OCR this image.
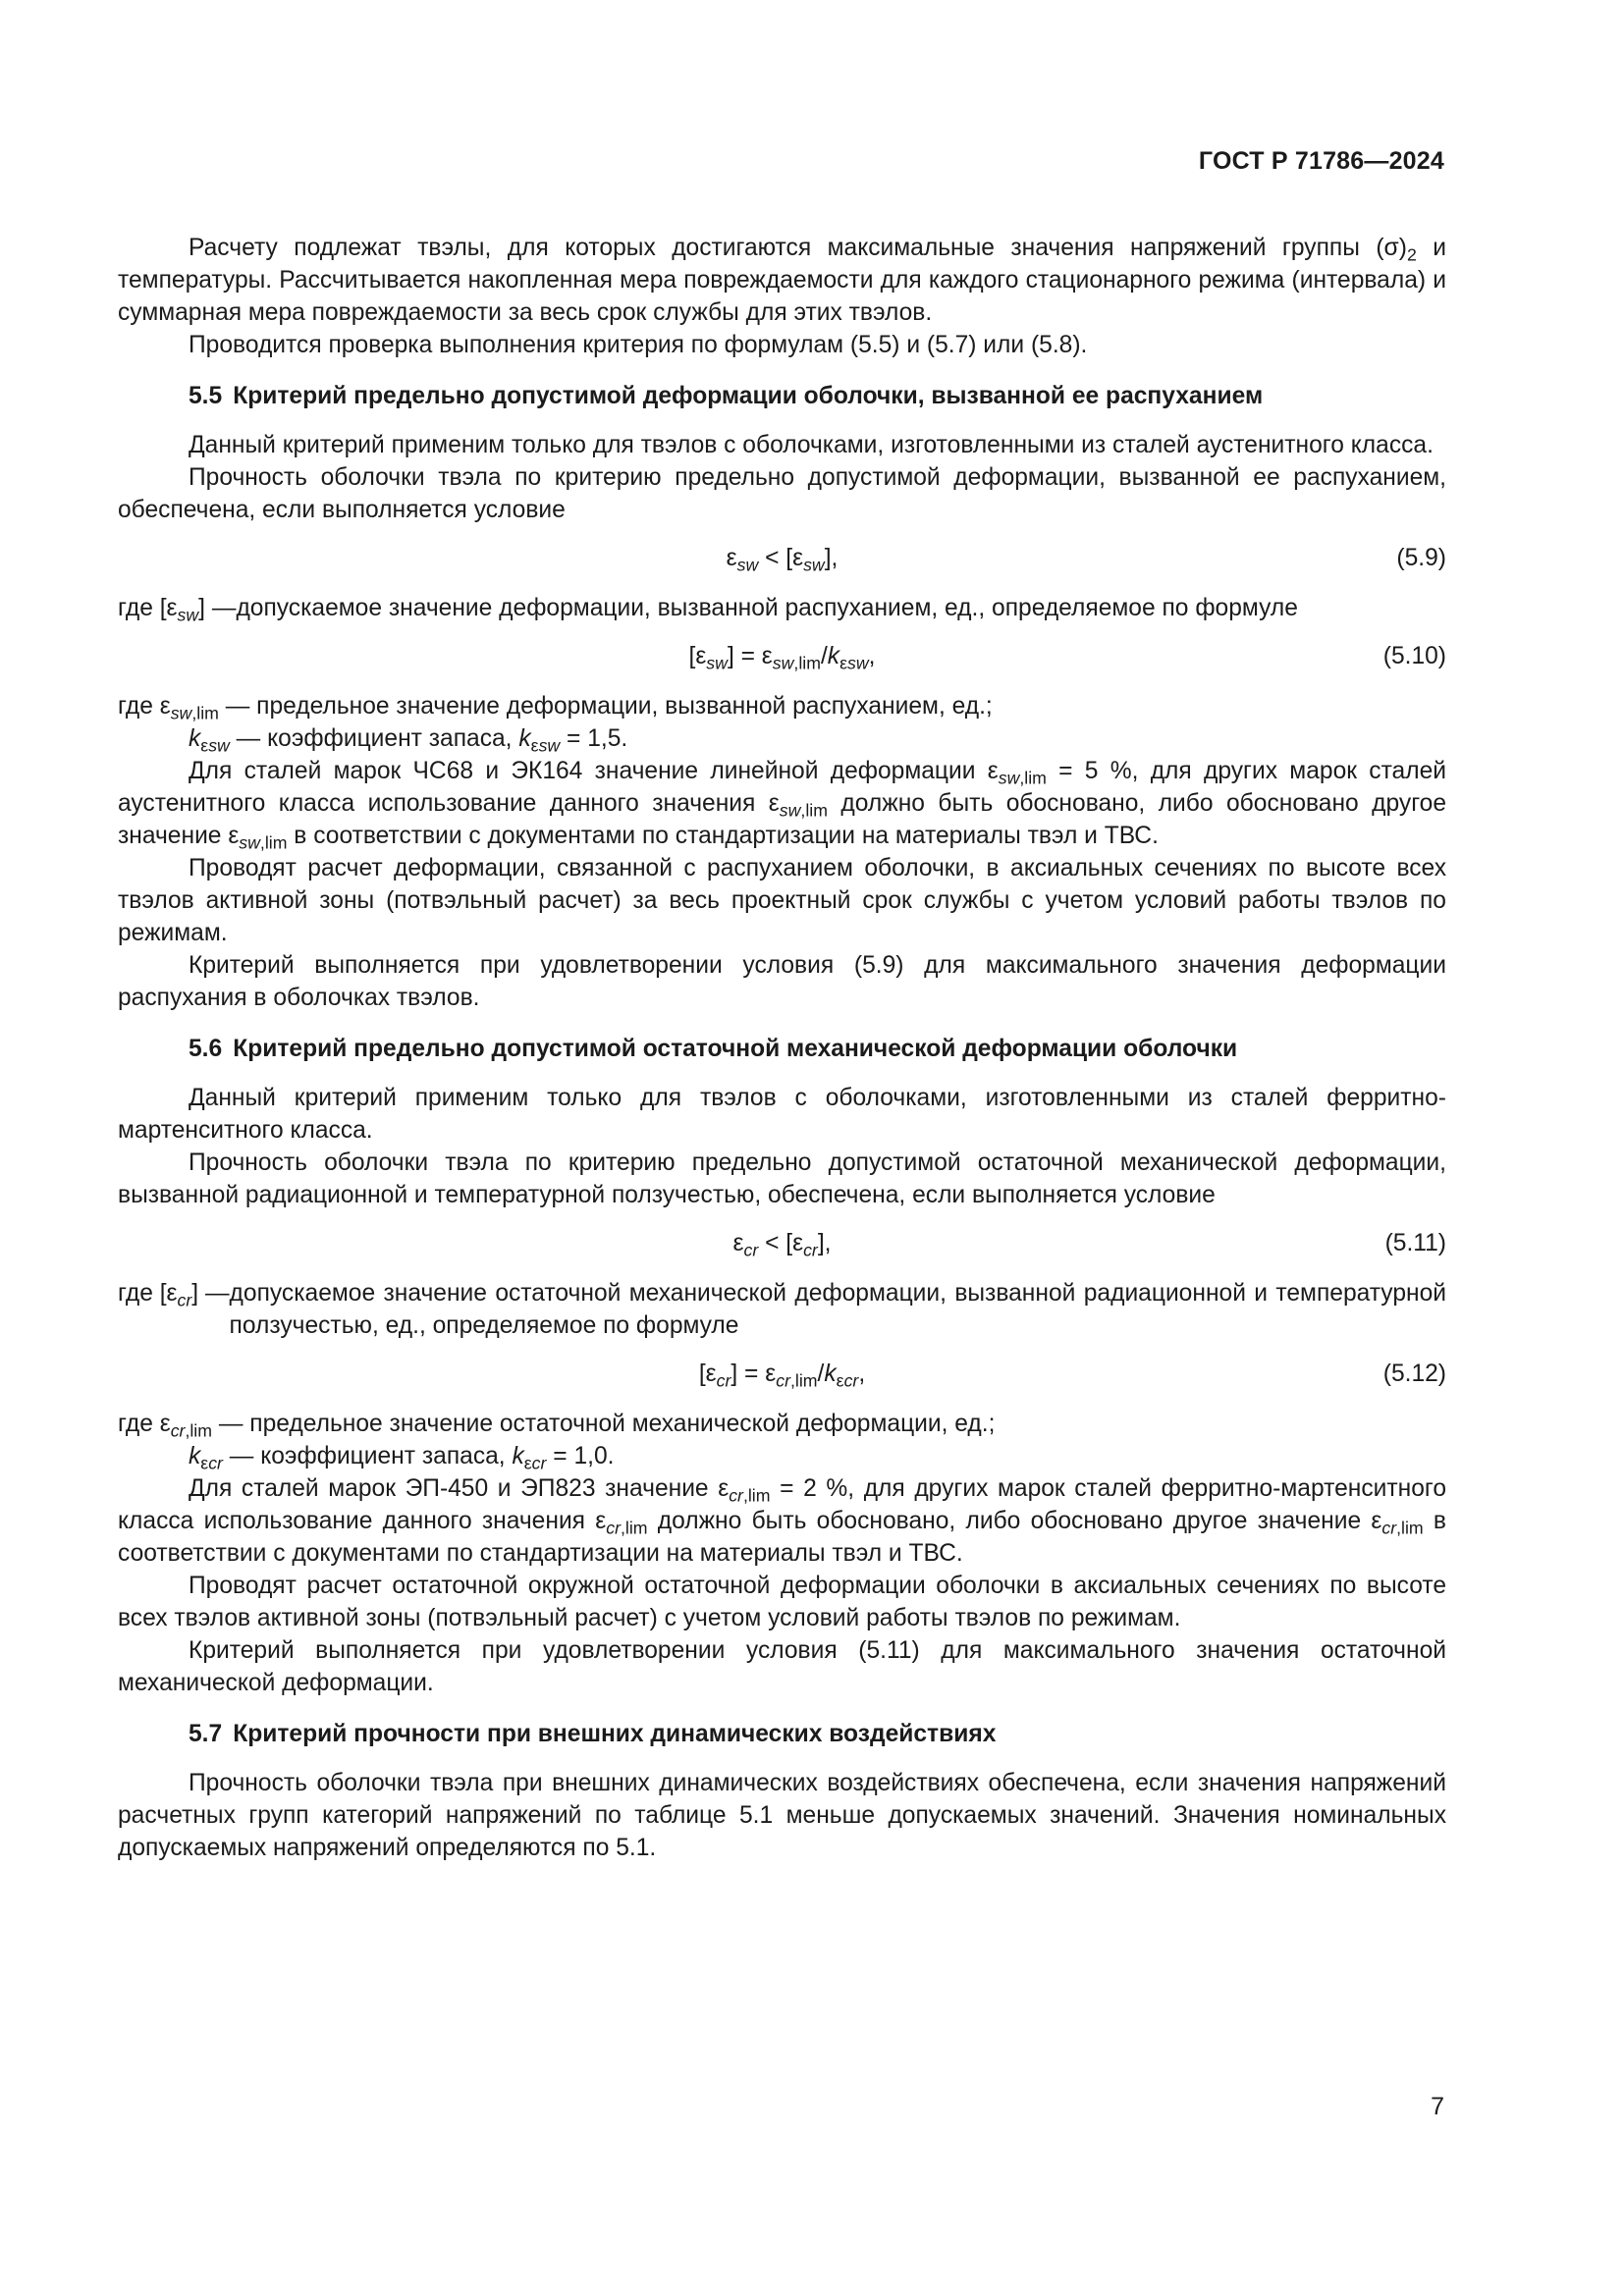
ГОСТ Р 71786—2024

Расчету подлежат твэлы, для которых достигаются максимальные значения напряжений группы $(\sigma)_2$ и температуры. Рассчитывается накопленная мера повреждаемости для каждого стационарного режима (интервала) и суммарная мера повреждаемости за весь срок службы для этих твэлов.

Проводится проверка выполнения критерия по формулам (5.5) и (5.7) или (5.8).

5.5 Критерий предельно допустимой деформации оболочки, вызванной ее распуханием

Данный критерий применим только для твэлов с оболочками, изготовленными из сталей аустенитного класса.

Прочность оболочки твэла по критерию предельно допустимой деформации, вызванной ее распуханием, обеспечена, если выполняется условие

$\varepsilon_{sw} < [\varepsilon_{sw}]$,	(5.9)
где $[\varepsilon_{sw}]$ — допускаемое значение деформации, вызванной распуханием, ед., определяемое по формуле
$[\varepsilon_{sw}] = \varepsilon_{sw,lim}/k_{\varepsilon sw}$,	(5.10)

где $\varepsilon_{sw,lim}$ — предельное значение деформации, вызванной распуханием, ед.;

$k_{\varepsilon sw}$ — коэффициент запаса, $k_{\varepsilon sw} = 1,5$.

Для сталей марок ЧС68 и ЭК164 значение линейной деформации $\varepsilon_{sw,lim} = 5$ %, для других марок сталей аустенитного класса использование данного значения $\varepsilon_{sw,lim}$ должно быть обосновано, либо обосновано другое значение $\varepsilon_{sw,lim}$ в соответствии с документами по стандартизации на материалы твэл и ТВС.

Проводят расчет деформации, связанной с распуханием оболочки, в аксиальных сечениях по высоте всех твэлов активной зоны (потвэльный расчет) за весь проектный срок службы с учетом условий работы твэлов по режимам.

Критерий выполняется при удовлетворении условия (5.9) для максимального значения деформации распухания в оболочках твэлов.

5.6 Критерий предельно допустимой остаточной механической деформации оболочки

Данный критерий применим только для твэлов с оболочками, изготовленными из сталей ферритно-мартенситного класса.

Прочность оболочки твэла по критерию предельно допустимой остаточной механической деформации, вызванной радиационной и температурной ползучестью, обеспечена, если выполняется условие

$\varepsilon_{cr} < [\varepsilon_{cr}]$,	(5.11)
где $[\varepsilon_{cr}]$ — допускаемое значение остаточной механической деформации, вызванной радиационной и температурной ползучестью, ед., определяемое по формуле
$[\varepsilon_{cr}] = \varepsilon_{cr,lim}/k_{\varepsilon cr}$,	(5.12)

где $\varepsilon_{cr,lim}$ — предельное значение остаточной механической деформации, ед.;

$k_{\varepsilon cr}$ — коэффициент запаса, $k_{\varepsilon cr} = 1,0$.

Для сталей марок ЭП-450 и ЭП823 значение $\varepsilon_{cr,lim} = 2$ %, для других марок сталей ферритно-мартенситного класса использование данного значения $\varepsilon_{cr,lim}$ должно быть обосновано, либо обосновано другое значение $\varepsilon_{cr,lim}$ в соответствии с документами по стандартизации на материалы твэл и ТВС.

Проводят расчет остаточной окружной остаточной деформации оболочки в аксиальных сечениях по высоте всех твэлов активной зоны (потвэльный расчет) с учетом условий работы твэлов по режимам.

Критерий выполняется при удовлетворении условия (5.11) для максимального значения остаточной механической деформации.

5.7 Критерий прочности при внешних динамических воздействиях

Прочность оболочки твэла при внешних динамических воздействиях обеспечена, если значения напряжений расчетных групп категорий напряжений по таблице 5.1 меньше допускаемых значений. Значения номинальных допускаемых напряжений определяются по 5.1.

7
